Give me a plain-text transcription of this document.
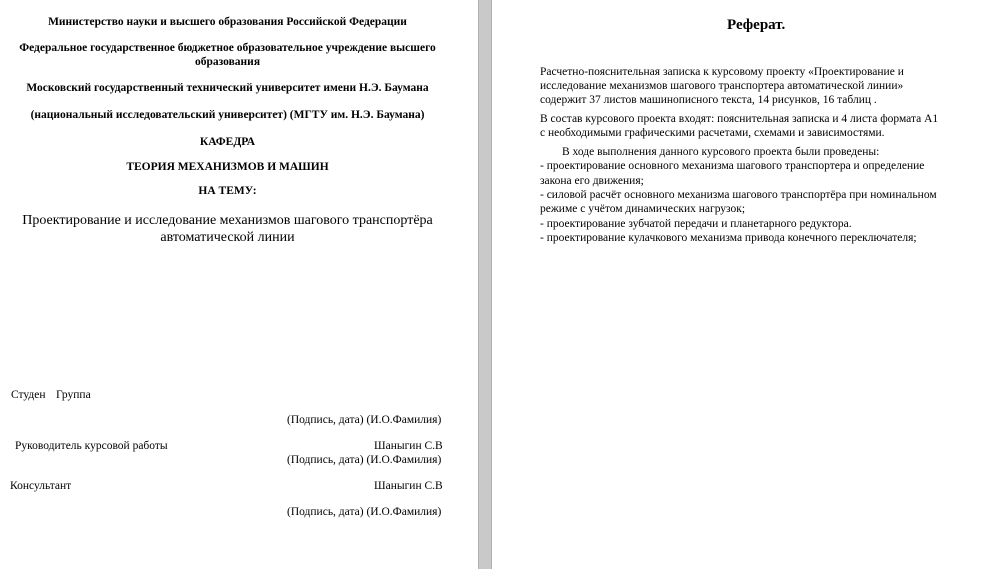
Министерство науки и высшего образования Российской Федерации
Федеральное государственное бюджетное образовательное учреждение высшего
образования
Московский государственный технический университет имени Н.Э. Баумана
(национальный исследовательский университет) (МГТУ им. Н.Э. Баумана)
КАФЕДРА
ТЕОРИЯ МЕХАНИЗМОВ И МАШИН
НА ТЕМУ:
Проектирование и исследование механизмов шагового транспортёра
автоматической линии
Студен Группа
(Подпись, дата) (И.О.Фамилия)
Руководитель курсовой работы	Шаныгин С.В
(Подпись, дата) (И.О.Фамилия)
Консультант	Шаныгин С.В
(Подпись, дата) (И.О.Фамилия)
Реферат.
Расчетно-пояснительная записка к курсовому проекту «Проектирование и
исследование механизмов шагового транспортера автоматической линии»
содержит 37 листов машинописного текста, 14 рисунков, 16 таблиц .
В состав курсового проекта входят: пояснительная записка и 4 листа формата А1
с необходимыми графическими расчетами, схемами и зависимостями.
В ходе выполнения данного курсового проекта были проведены:
- проектирование основного механизма шагового транспортера и определение
закона его движения;
- силовой расчёт основного механизма шагового транспортёра при номинальном
режиме с учётом динамических нагрузок;
- проектирование зубчатой передачи и планетарного редуктора.
- проектирование кулачкового механизма привода конечного переключателя;
